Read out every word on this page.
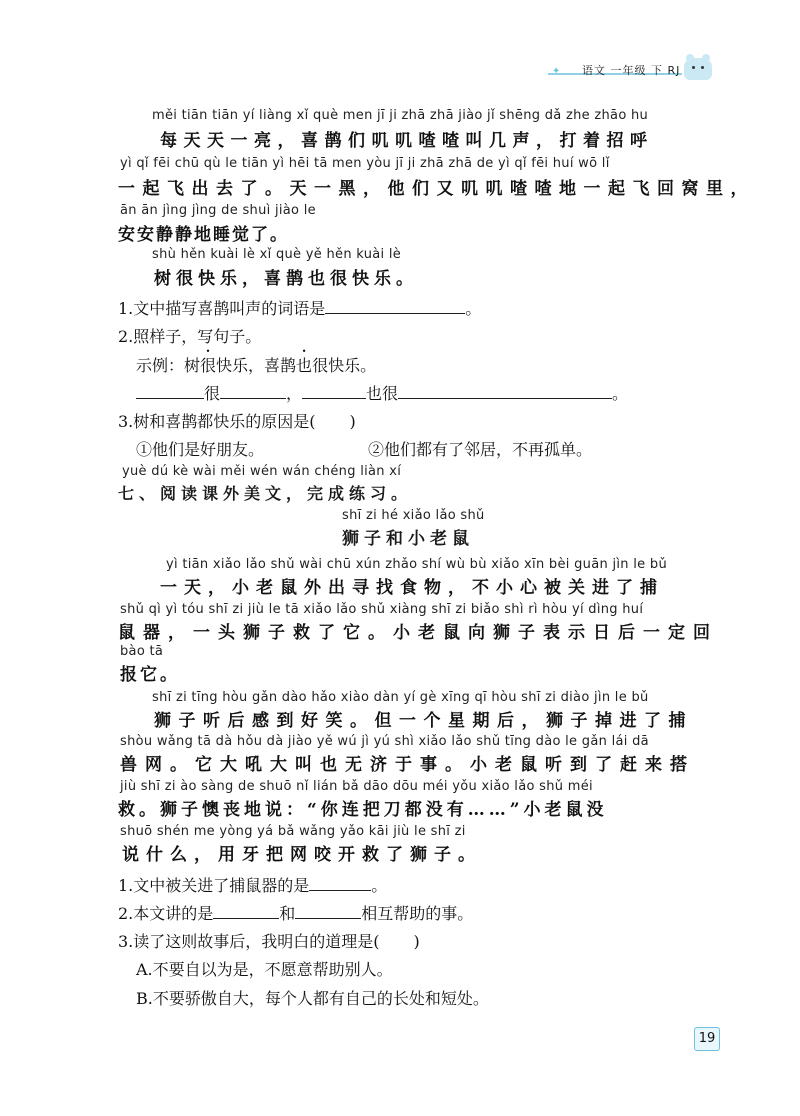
✦ 语文 一年级 下 RJ
měi tiān tiān yí liàng xǐ què men jī ji zhā zhā jiào jǐ shēng dǎ zhe zhāo hu
每天天一亮，喜鹊们叽叽喳喳叫几声，打着招呼
yì qǐ fēi chū qù le tiān yì hēi tā men yòu jī ji zhā zhā de yì qǐ fēi huí wō lǐ
一起飞出去了。天一黑，他们又叽叽喳喳地一起飞回窝里，
ān ān jìng jìng de shuì jiào le
安安静静地睡觉了。
shù hěn kuài lè xǐ què yě hěn kuài lè
树很快乐，喜鹊也很快乐。
1.文中描写喜鹊叫声的词语是	。
2.照样子，写句子。
示例：树很快乐，喜鹊也很快乐。
很	，	也很	。
3.树和喜鹊都快乐的原因是( )
①他们是好朋友。	②他们都有了邻居，不再孤单。
yuè dú kè wài měi wén wán chéng liàn xí
七、阅读课外美文，完成练习。
shī zi hé xiǎo lǎo shǔ
狮子和小老鼠
yì tiān xiǎo lǎo shǔ wài chū xún zhǎo shí wù bù xiǎo xīn bèi guān jìn le bǔ
一天，小老鼠外出寻找食物，不小心被关进了捕
shǔ qì yì tóu shī zi jiù le tā xiǎo lǎo shǔ xiàng shī zi biǎo shì rì hòu yí dìng huí
鼠器，一头狮子救了它。小老鼠向狮子表示日后一定回
bào tā
报它。
shī zi tīng hòu gǎn dào hǎo xiào dàn yí gè xīng qī hòu shī zi diào jìn le bǔ
狮子听后感到好笑。但一个星期后，狮子掉进了捕
shòu wǎng tā dà hǒu dà jiào yě wú jì yú shì xiǎo lǎo shǔ tīng dào le gǎn lái dā
兽网。它大吼大叫也无济于事。小老鼠听到了赶来搭
jiù shī zi ào sàng de shuō nǐ lián bǎ dāo dōu méi yǒu xiǎo lǎo shǔ méi
救。狮子懊丧地说：“你连把刀都没有……”小老鼠没
shuō shén me yòng yá bǎ wǎng yǎo kāi jiù le shī zi
说什么，用牙把网咬开救了狮子。
1.文中被关进了捕鼠器的是	。
2.本文讲的是	和	相互帮助的事。
3.读了这则故事后，我明白的道理是( )
A.不要自以为是，不愿意帮助别人。
B.不要骄傲自大，每个人都有自己的长处和短处。
19
